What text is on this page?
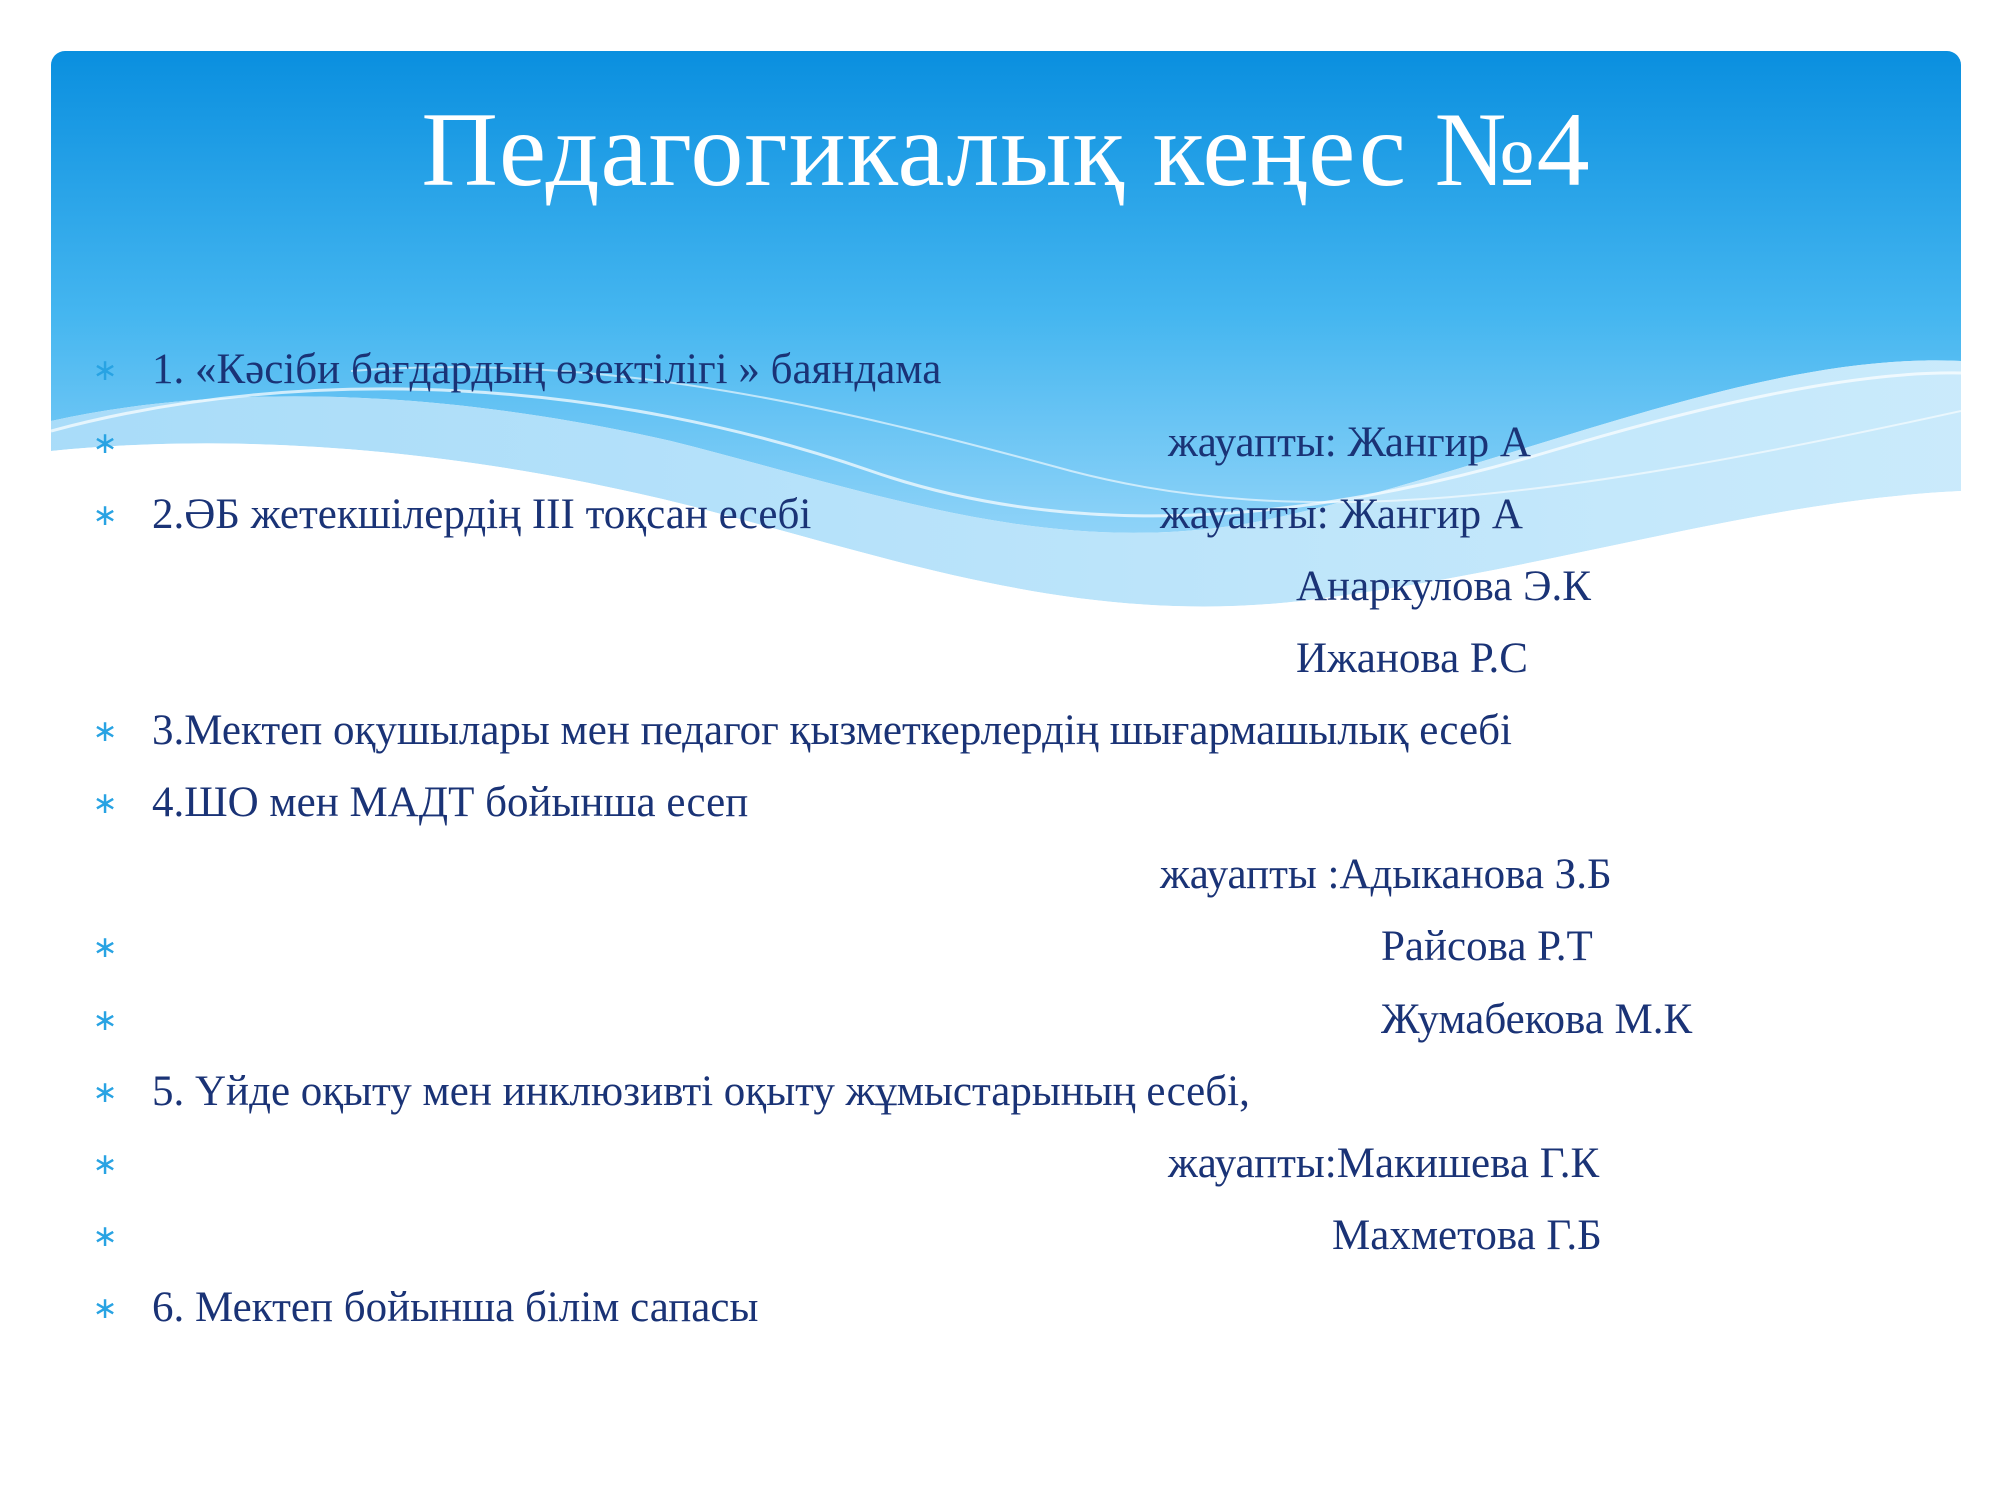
Педагогикалық кеңес №4
∗ 1. «Кәсіби бағдардың өзектілігі » баяндама
∗	жауапты: Жангир А
∗ 2.ӘБ жетекшілердің ІІІ тоқсан есебі	жауапты: Жангир А
Анаркулова Э.К
Ижанова Р.С
∗ 3.Мектеп оқушылары мен педагог қызметкерлердің шығармашылық есебі
∗ 4.ШО мен МАДТ бойынша есеп
жауапты :Адыканова З.Б
∗	Райсова Р.Т
∗	Жумабекова М.К
∗ 5. Үйде оқыту мен инклюзивті оқыту жұмыстарының есебі,
∗	жауапты:Макишева Г.К
∗	Махметова Г.Б
∗ 6. Мектеп бойынша білім сапасы
